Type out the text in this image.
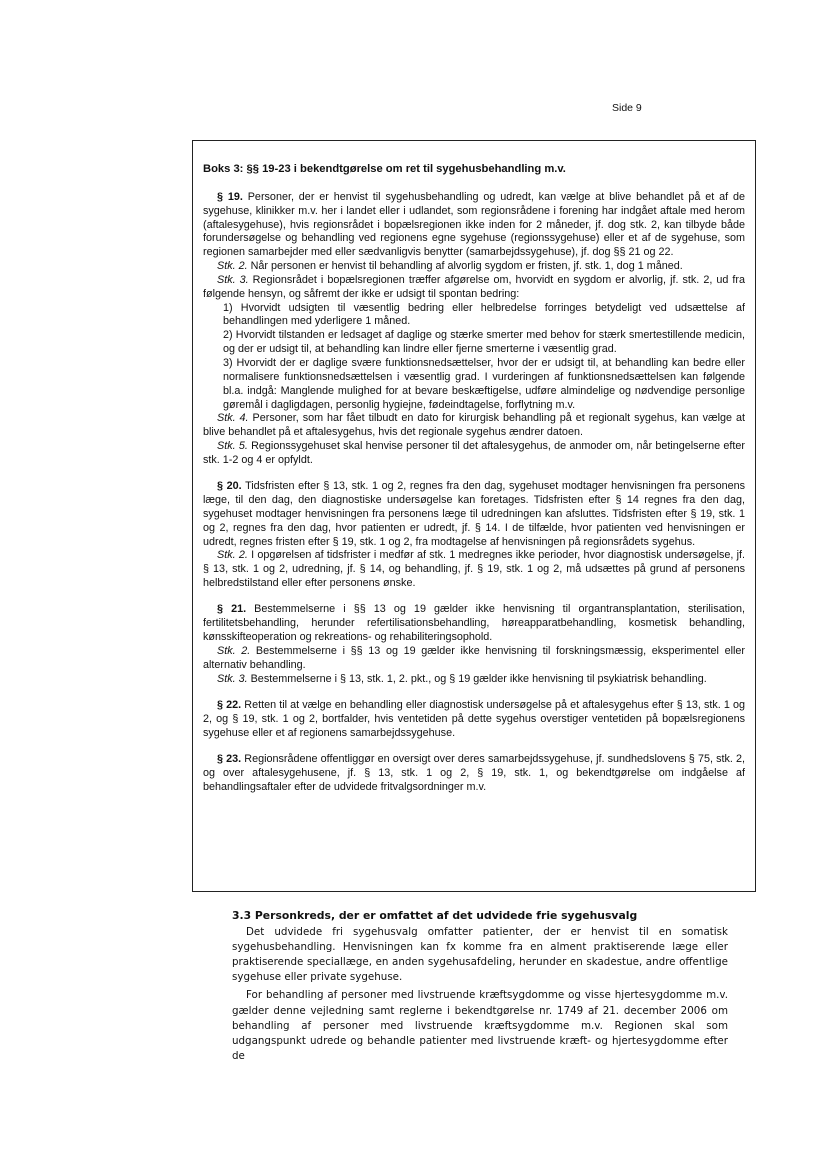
Side 9
Boks 3: §§ 19-23 i bekendtgørelse om ret til sygehusbehandling m.v.

§ 19. Personer, der er henvist til sygehusbehandling og udredt, kan vælge at blive behandlet på et af de sygehuse, klinikker m.v. her i landet eller i udlandet, som regionsrådene i forening har indgået aftale med herom (aftalesygehuse), hvis regionsrådet i bopælsregionen ikke inden for 2 måneder, jf. dog stk. 2, kan tilbyde både forundersøgelse og behandling ved regionens egne sygehuse (regionssygehuse) eller et af de sygehuse, som regionen samarbejder med eller sædvanligvis benytter (samarbejdssygehuse), jf. dog §§ 21 og 22.

Stk. 2. Når personen er henvist til behandling af alvorlig sygdom er fristen, jf. stk. 1, dog 1 måned.

Stk. 3. Regionsrådet i bopælsregionen træffer afgørelse om, hvorvidt en sygdom er alvorlig, jf. stk. 2, ud fra følgende hensyn, og såfremt der ikke er udsigt til spontan bedring:

1) Hvorvidt udsigten til væsentlig bedring eller helbredelse forringes betydeligt ved udsættelse af behandlingen med yderligere 1 måned.
2) Hvorvidt tilstanden er ledsaget af daglige og stærke smerter med behov for stærk smertestillende medicin, og der er udsigt til, at behandling kan lindre eller fjerne smerterne i væsentlig grad.
3) Hvorvidt der er daglige svære funktionsnedsættelser, hvor der er udsigt til, at behandling kan bedre eller normalisere funktionsnedsættelsen i væsentlig grad. I vurderingen af funktionsnedsættelsen kan følgende bl.a. indgå: Manglende mulighed for at bevare beskæftigelse, udføre almindelige og nødvendige personlige gøremål i dagligdagen, personlig hygiejne, fødeindtagelse, forflytning m.v.

Stk. 4. Personer, som har fået tilbudt en dato for kirurgisk behandling på et regionalt sygehus, kan vælge at blive behandlet på et aftalesygehus, hvis det regionale sygehus ændrer datoen.

Stk. 5. Regionssygehuset skal henvise personer til det aftalesygehus, de anmoder om, når betingelserne efter stk. 1-2 og 4 er opfyldt.

§ 20. Tidsfristen efter § 13, stk. 1 og 2, regnes fra den dag, sygehuset modtager henvisningen fra personens læge, til den dag, den diagnostiske undersøgelse kan foretages. Tidsfristen efter § 14 regnes fra den dag, sygehuset modtager henvisningen fra personens læge til udredningen kan afsluttes. Tidsfristen efter § 19, stk. 1 og 2, regnes fra den dag, hvor patienten er udredt, jf. § 14. I de tilfælde, hvor patienten ved henvisningen er udredt, regnes fristen efter § 19, stk. 1 og 2, fra modtagelse af henvisningen på regionsrådets sygehus.

Stk. 2. I opgørelsen af tidsfrister i medfør af stk. 1 medregnes ikke perioder, hvor diagnostisk undersøgelse, jf. § 13, stk. 1 og 2, udredning, jf. § 14, og behandling, jf. § 19, stk. 1 og 2, må udsættes på grund af personens helbredstilstand eller efter personens ønske.

§ 21. Bestemmelserne i §§ 13 og 19 gælder ikke henvisning til organtransplantation, sterilisation, fertilitetsbehandling, herunder refertilisationsbehandling, høreapparatbehandling, kosmetisk behandling, kønsskifteoperation og rekreations- og rehabiliteringsophold.

Stk. 2. Bestemmelserne i §§ 13 og 19 gælder ikke henvisning til forskningsmæssig, eksperimentel eller alternativ behandling.

Stk. 3. Bestemmelserne i § 13, stk. 1, 2. pkt., og § 19 gælder ikke henvisning til psykiatrisk behandling.

§ 22. Retten til at vælge en behandling eller diagnostisk undersøgelse på et aftalesygehus efter § 13, stk. 1 og 2, og § 19, stk. 1 og 2, bortfalder, hvis ventetiden på dette sygehus overstiger ventetiden på bopælsregionens sygehuse eller et af regionens samarbejdssygehuse.

§ 23. Regionsrådene offentliggør en oversigt over deres samarbejdssygehuse, jf. sundhedslovens § 75, stk. 2, og over aftalesygehusene, jf. § 13, stk. 1 og 2, § 19, stk. 1, og bekendtgørelse om indgåelse af behandlingsaftaler efter de udvidede fritvalgsordninger m.v.

3.3 Personkreds, der er omfattet af det udvidede frie sygehusvalg

Det udvidede fri sygehusvalg omfatter patienter, der er henvist til en somatisk sygehusbehandling. Henvisningen kan fx komme fra en alment praktiserende læge eller praktiserende speciallæge, en anden sygehusafdeling, herunder en skadestue, andre offentlige sygehuse eller private sygehuse.

For behandling af personer med livstruende kræftsygdomme og visse hjertesygdomme m.v. gælder denne vejledning samt reglerne i bekendtgørelse nr. 1749 af 21. december 2006 om behandling af personer med livstruende kræftsygdomme m.v. Regionen skal som udgangspunkt udrede og behandle patienter med livstruende kræft- og hjertesygdomme efter de
